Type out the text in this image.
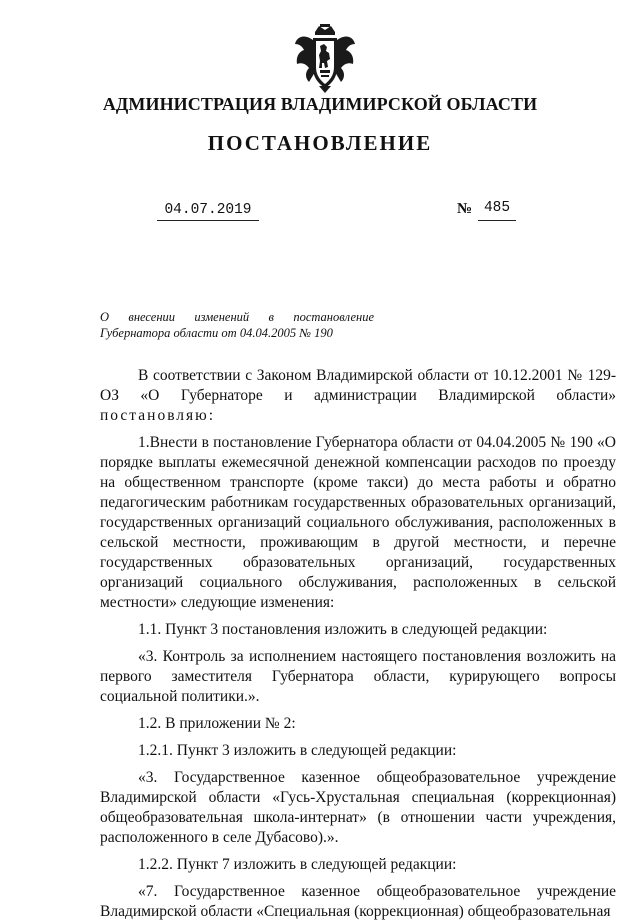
АДМИНИСТРАЦИЯ ВЛАДИМИРСКОЙ ОБЛАСТИ
ПОСТАНОВЛЕНИЕ
04.07.2019	№ 485
О внесении изменений в постановление
Губернатора области от 04.04.2005 № 190

В соответствии с Законом Владимирской области от 10.12.2001 № 129-ОЗ «О Губернаторе и администрации Владимирской области» постановляю:

1.Внести в постановление Губернатора области от 04.04.2005 № 190 «О порядке выплаты ежемесячной денежной компенсации расходов по проезду на общественном транспорте (кроме такси) до места работы и обратно педагогическим работникам государственных образовательных организаций, государственных организаций социального обслуживания, расположенных в сельской местности, проживающим в другой местности, и перечне государственных образовательных организаций, государственных организаций социального обслуживания, расположенных в сельской местности» следующие изменения:

1.1. Пункт 3 постановления изложить в следующей редакции:

«3. Контроль за исполнением настоящего постановления возложить на первого заместителя Губернатора области, курирующего вопросы социальной политики.».

1.2. В приложении № 2:

1.2.1. Пункт 3 изложить в следующей редакции:

«3. Государственное казенное общеобразовательное учреждение Владимирской области «Гусь-Хрустальная специальная (коррекционная) общеобразовательная школа-интернат» (в отношении части учреждения, расположенного в селе Дубасово).».

1.2.2. Пункт 7 изложить в следующей редакции:

«7. Государственное казенное общеобразовательное учреждение Владимирской области «Специальная (коррекционная) общеобразовательная
